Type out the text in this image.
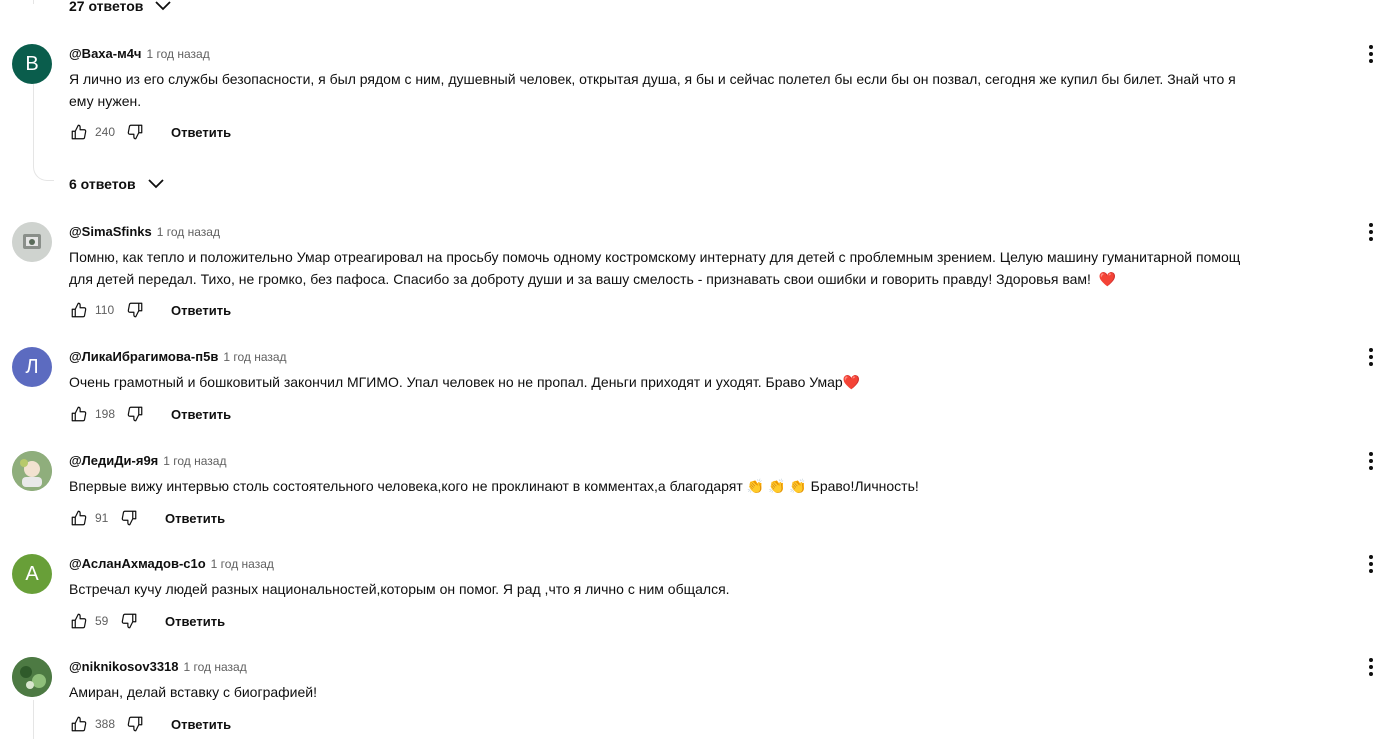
27 ответов
В @Ваха-м4ч 1 год назад
Я лично из его службы безопасности, я был рядом с ним, душевный человек, открытая душа, я бы и сейчас полетел бы если бы он позвал, сегодня же купил бы билет. Знай что я
ему нужен.
240	Ответить
6 ответов
@SimaSfinks 1 год назад
Помню, как тепло и положительно Умар отреагировал на просьбу помочь одному костромскому интернату для детей с проблемным зрением. Целую машину гуманитарной помощ
для детей передал. Тихо, не громко, без пафоса. Спасибо за доброту души и за вашу смелость - признавать свои ошибки и говорить правду! Здоровья вам! ❤️
110	Ответить
Л @ЛикаИбрагимова-п5в 1 год назад
Очень грамотный и бошковитый закончил МГИМО. Упал человек но не пропал. Деньги приходят и уходят. Браво Умар❤️
198	Ответить
@ЛедиДи-я9я 1 год назад
Впервые вижу интервью столь состоятельного человека,кого не проклинают в комментах,а благодарят 👏 👏 👏 Браво!Личность!
91	Ответить
А @АсланАхмадов-с1о 1 год назад
Встречал кучу людей разных национальностей,которым он помог. Я рад ,что я лично с ним общался.
59	Ответить
@niknikosov3318 1 год назад
Амиран, делай вставку с биографией!
388	Ответить
